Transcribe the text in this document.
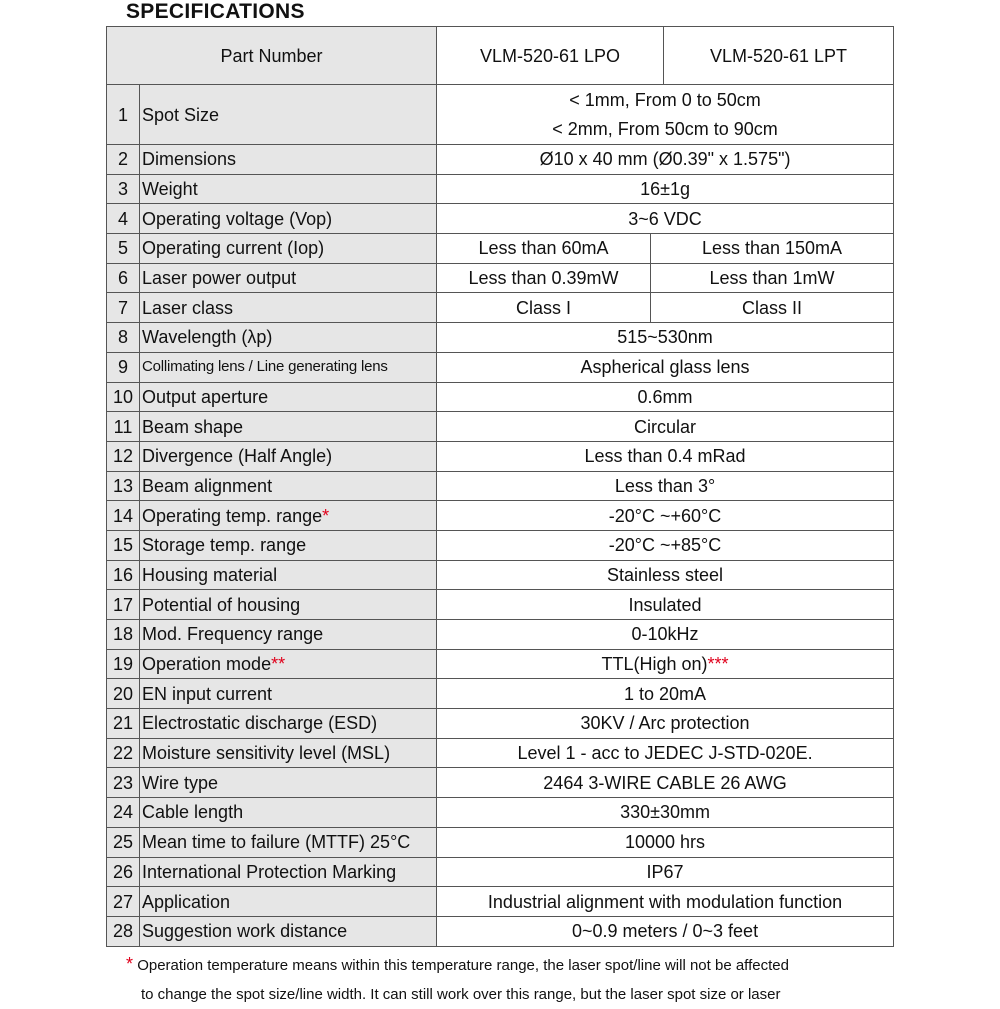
SPECIFICATIONS
Part Number		VLM-520-61 LPO		VLM-520-61 LPT
1	Spot Size	< 1mm, From 0 to 50cm
< 2mm, From 50cm to 90cm		

2	Dimensions	Ø10 x 40 mm (Ø0.39" x 1.575")		
3	Weight	16±1g		
4	Operating voltage (Vop)	3~6 VDC		
5	Operating current (Iop)	Less than 60mA	Less than 150mA	
6	Laser power output	Less than 0.39mW	Less than 1mW	
7	Laser class	Class I	Class II	
8	Wavelength (λp)	515~530nm		
9	Collimating lens / Line generating lens	Aspherical glass lens		
10	Output aperture	0.6mm		
11	Beam shape	Circular		
12	Divergence (Half Angle)	Less than 0.4 mRad		
13	Beam alignment	Less than 3°		
14	Operating temp. range*	-20°C ~+60°C		
15	Storage temp. range	-20°C ~+85°C		
16	Housing material	Stainless steel		
17	Potential of housing	Insulated		
18	Mod. Frequency range	0-10kHz		
19	Operation mode**	TTL(High on)***		
20	EN input current	1 to 20mA		
21	Electrostatic discharge (ESD)	30KV / Arc protection		
22	Moisture sensitivity level (MSL)	Level 1 - acc to JEDEC J-STD-020E.		
23	Wire type	2464 3-WIRE CABLE 26 AWG		
24	Cable length	330±30mm		
25	Mean time to failure (MTTF) 25°C	10000 hrs		
26	International Protection Marking	IP67		
27	Application	Industrial alignment with modulation function		
28	Suggestion work distance	0~0.9 meters / 0~3 feet		
* Operation temperature means within this temperature range, the laser spot/line will not be affected
to change the spot size/line width. It can still work over this range, but the laser spot size or laser
